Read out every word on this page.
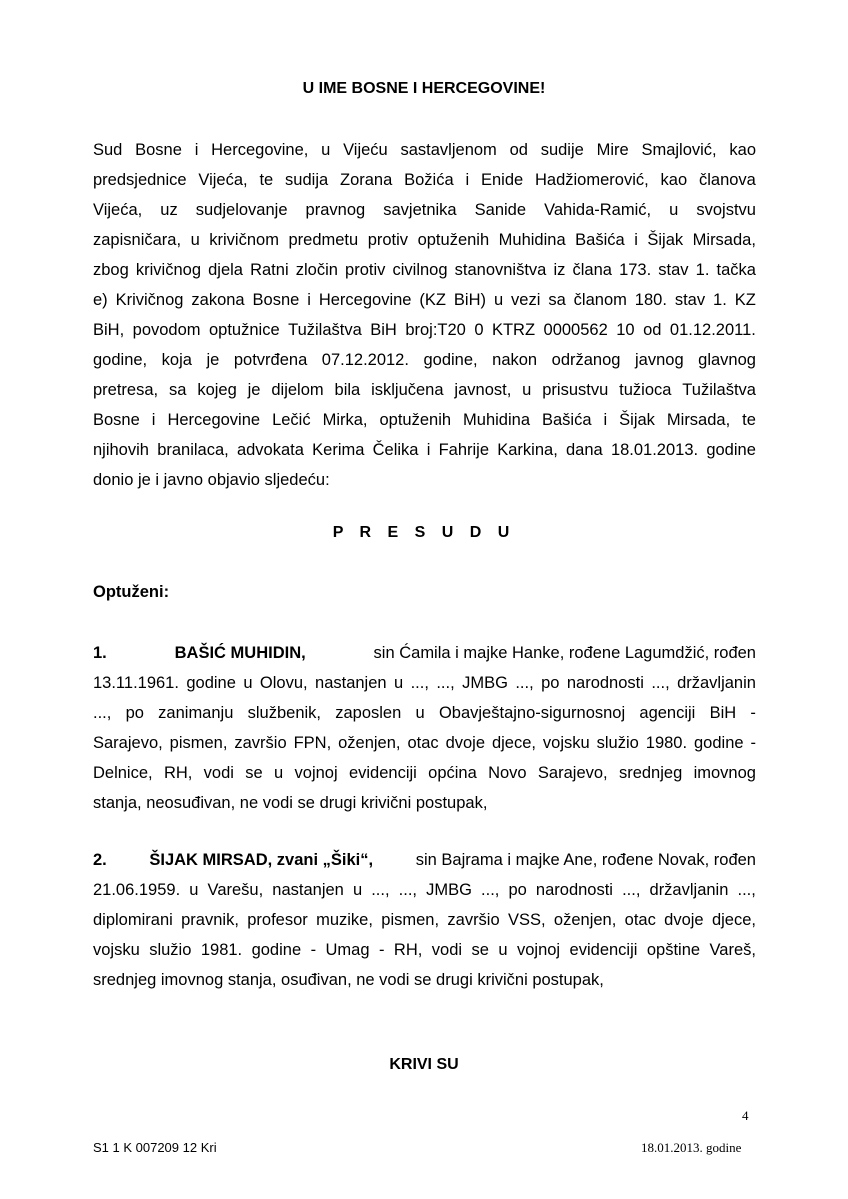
U IME BOSNE I HERCEGOVINE!
Sud Bosne i Hercegovine, u Vijeću sastavljenom od sudije Mire Smajlović, kao
predsjednice Vijeća, te sudija Zorana Božića i Enide Hadžiomerović, kao članova
Vijeća, uz sudjelovanje pravnog savjetnika Sanide Vahida-Ramić, u svojstvu
zapisničara, u krivičnom predmetu protiv optuženih Muhidina Bašića i Šijak Mirsada,
zbog krivičnog djela Ratni zločin protiv civilnog stanovništva iz člana 173. stav 1. tačka
e) Krivičnog zakona Bosne i Hercegovine (KZ BiH) u vezi sa članom 180. stav 1. KZ
BiH, povodom optužnice Tužilaštva BiH broj:T20 0 KTRZ 0000562 10 od 01.12.2011.
godine, koja je potvrđena 07.12.2012. godine, nakon održanog javnog glavnog
pretresa, sa kojeg je dijelom bila isključena javnost, u prisustvu tužioca Tužilaštva
Bosne i Hercegovine Lečić Mirka, optuženih Muhidina Bašića i Šijak Mirsada, te
njihovih branilaca, advokata Kerima Čelika i Fahrije Karkina, dana 18.01.2013. godine
donio je i javno objavio sljedeću:
P R E S U D U
Optuženi:
1.	BAŠIĆ MUHIDIN,	sin Ćamila i majke Hanke, rođene Lagumdžić, rođen
13.11.1961. godine u Olovu, nastanjen u ..., ..., JMBG ..., po narodnosti ..., državljanin
..., po zanimanju službenik, zaposlen u Obavještajno-sigurnosnoj agenciji BiH -
Sarajevo, pismen, završio FPN, oženjen, otac dvoje djece, vojsku služio 1980. godine -
Delnice, RH, vodi se u vojnoj evidenciji općina Novo Sarajevo, srednjeg imovnog
stanja, neosuđivan, ne vodi se drugi krivični postupak,
2.	ŠIJAK MIRSAD, zvani „Šiki“,	sin Bajrama i majke Ane, rođene Novak, rođen
21.06.1959. u Varešu, nastanjen u ..., ..., JMBG ..., po narodnosti ..., državljanin ...,
diplomirani pravnik, profesor muzike, pismen, završio VSS, oženjen, otac dvoje djece,
vojsku služio 1981. godine - Umag - RH, vodi se u vojnoj evidenciji opštine Vareš,
srednjeg imovnog stanja, osuđivan, ne vodi se drugi krivični postupak,
KRIVI SU
4
S1 1 K 007209 12 Kri	18.01.2013. godine
